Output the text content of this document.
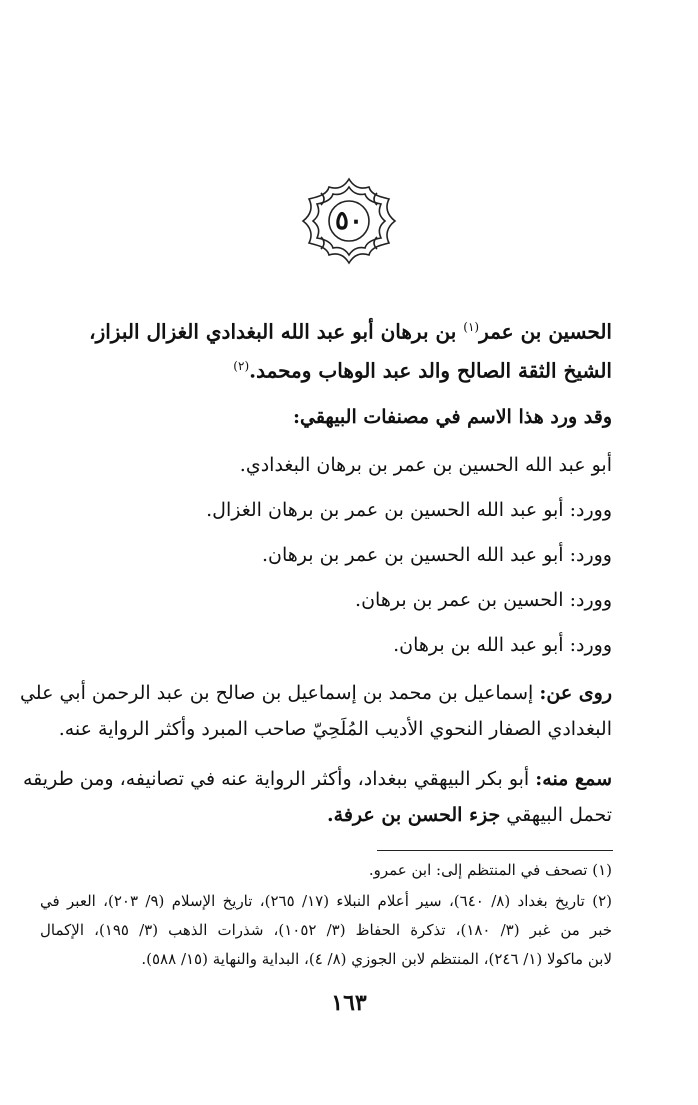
٥٠
الحسين بن عمر$^{(١)}$ بن برهان أبو عبد الله البغدادي الغزال البزاز،
الشيخ الثقة الصالح والد عبد الوهاب ومحمد.$^{(٢)}$
وقد ورد هذا الاسم في مصنفات البيهقي:
أبو عبد الله الحسين بن عمر بن برهان البغدادي.
وورد: أبو عبد الله الحسين بن عمر بن برهان الغزال.
وورد: أبو عبد الله الحسين بن عمر بن برهان.
وورد: الحسين بن عمر بن برهان.
وورد: أبو عبد الله بن برهان.
روى عن: إسماعيل بن محمد بن إسماعيل بن صالح بن عبد الرحمن أبي علي
البغدادي الصفار النحوي الأديب المُلَحِيّ صاحب المبرد وأكثر الرواية عنه.
سمع منه: أبو بكر البيهقي ببغداد، وأكثر الرواية عنه في تصانيفه، ومن طريقه
تحمل البيهقي جزء الحسن بن عرفة.
(١) تصحف في المنتظم إلى: ابن عمرو.
(٢) تاريخ بغداد (٨/ ٦٤٠)، سير أعلام النبلاء (١٧/ ٢٦٥)، تاريخ الإسلام (٩/ ٢٠٣)، العبر في
خبر من غبر (٣/ ١٨٠)، تذكرة الحفاظ (٣/ ١٠٥٢)، شذرات الذهب (٣/ ١٩٥)، الإكمال
لابن ماكولا (١/ ٢٤٦)، المنتظم لابن الجوزي (٨/ ٤)، البداية والنهاية (١٥/ ٥٨٨).
١٦٣
